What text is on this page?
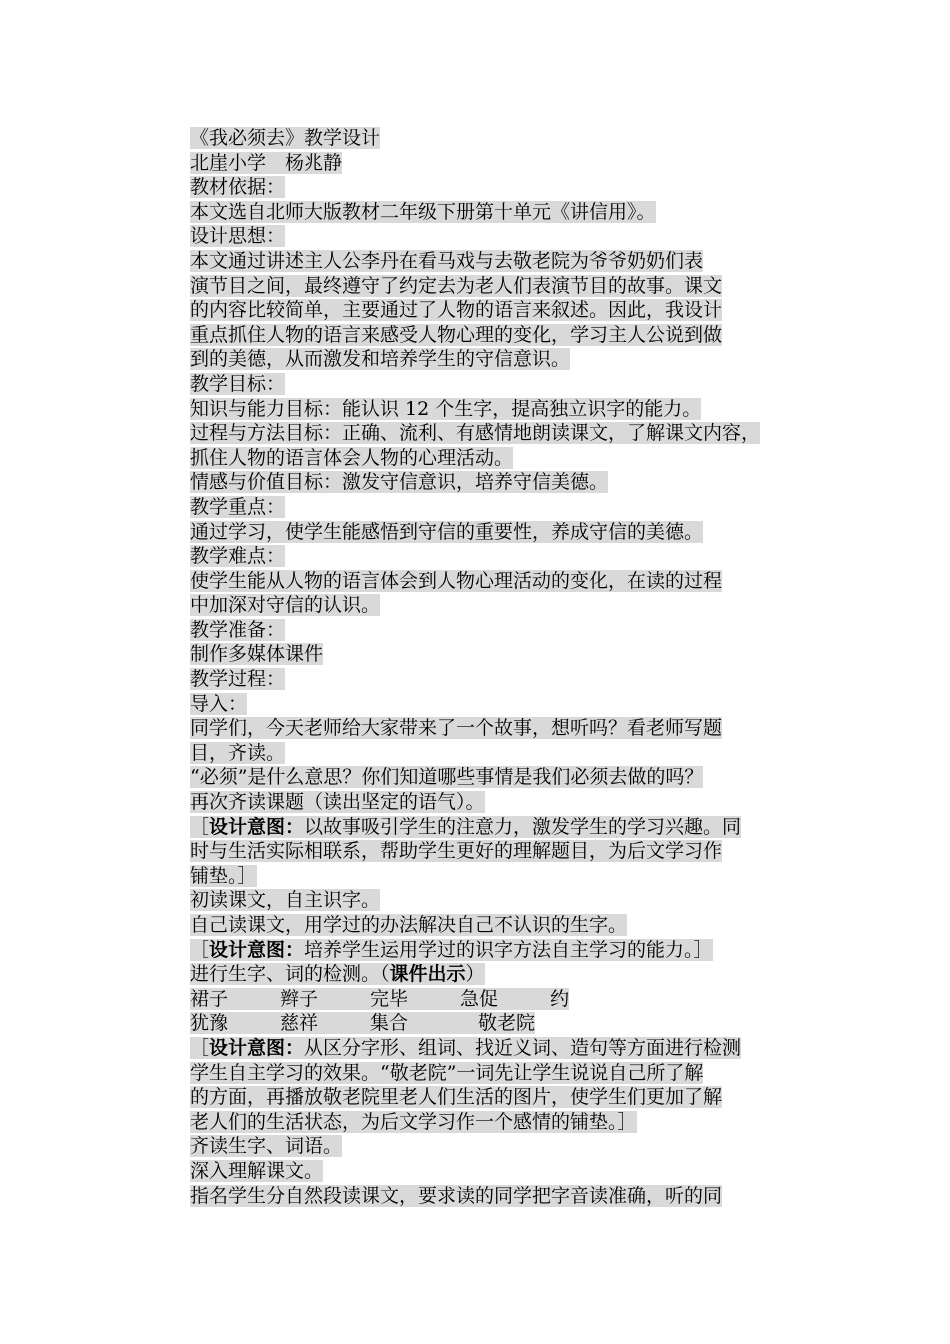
《我必须去》教学设计
北崖小学　杨兆静
教材依据：
本文选自北师大版教材二年级下册第十单元《讲信用》。
设计思想：
本文通过讲述主人公李丹在看马戏与去敬老院为爷爷奶奶们表
演节目之间，最终遵守了约定去为老人们表演节目的故事。课文
的内容比较简单，主要通过了人物的语言来叙述。因此，我设计
重点抓住人物的语言来感受人物心理的变化，学习主人公说到做
到的美德，从而激发和培养学生的守信意识。
教学目标：
知识与能力目标：能认识 12 个生字，提高独立识字的能力。
过程与方法目标：正确、流利、有感情地朗读课文，了解课文内容，
抓住人物的语言体会人物的心理活动。
情感与价值目标：激发守信意识，培养守信美德。
教学重点：
通过学习，使学生能感悟到守信的重要性，养成守信的美德。
教学难点：
使学生能从人物的语言体会到人物心理活动的变化，在读的过程
中加深对守信的认识。
教学准备：
制作多媒体课件
教学过程：
导入：
同学们，今天老师给大家带来了一个故事，想听吗？看老师写题
目，齐读。
“必须”是什么意思？你们知道哪些事情是我们必须去做的吗？
再次齐读课题（读出坚定的语气）。
［设计意图：以故事吸引学生的注意力，激发学生的学习兴趣。同
时与生活实际相联系，帮助学生更好的理解题目，为后文学习作
铺垫。］
初读课文，自主识字。
自己读课文，用学过的办法解决自己不认识的生字。
［设计意图：培养学生运用学过的识字方法自主学习的能力。］
进行生字、词的检测。（课件出示）
裙子	辫子	完毕	急促	约
犹豫	慈祥	集合	敬老院
［设计意图：从区分字形、组词、找近义词、造句等方面进行检测
学生自主学习的效果。“敬老院”一词先让学生说说自己所了解
的方面，再播放敬老院里老人们生活的图片，使学生们更加了解
老人们的生活状态，为后文学习作一个感情的铺垫。］
齐读生字、词语。
深入理解课文。
指名学生分自然段读课文，要求读的同学把字音读准确，听的同
